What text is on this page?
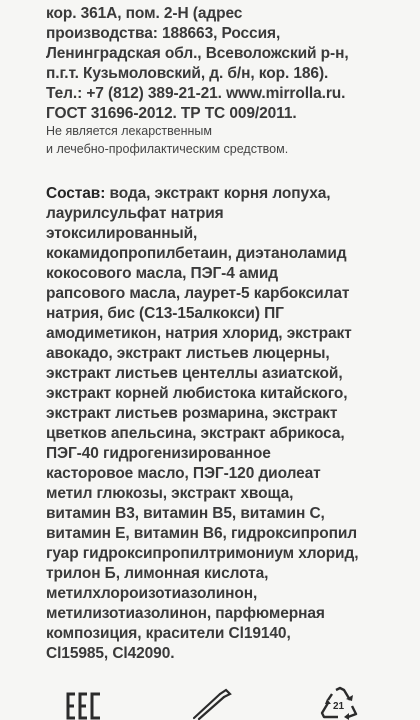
кор. 361А, пом. 2-Н (адрес
производства: 188663, Россия,
Ленинградская обл., Всеволожский р-н,
п.г.т. Кузьмоловский, д. б/н, кор. 186).
Тел.: +7 (812) 389-21-21. www.mirrolla.ru.
ГОСТ 31696-2012. ТР ТС 009/2011.
Не является лекарственным
и лечебно-профилактическим средством.
Состав: вода, экстракт корня лопуха,
лаурилсульфат натрия
этоксилированный,
кокамидопропилбетаин, диэтаноламид
кокосового масла, ПЭГ-4 амид
рапсового масла, лаурет-5 карбоксилат
натрия, бис (С13-15алкокси) ПГ
амодиметикон, натрия хлорид, экстракт
авокадо, экстракт листьев люцерны,
экстракт листьев центеллы азиатской,
экстракт корней любистока китайского,
экстракт листьев розмарина, экстракт
цветков апельсина, экстракт абрикоса,
ПЭГ-40 гидрогенизированное
касторовое масло, ПЭГ-120 диолеат
метил глюкозы, экстракт хвоща,
витамин В3, витамин В5, витамин С,
витамин Е, витамин В6, гидроксипропил
гуар гидроксипропилтримониум хлорид,
трилон Б, лимонная кислота,
метилхлороизотиазолинон,
метилизотиазолинон, парфюмерная
композиция, красители Cl19140,
Cl15985, Cl42090.
21
